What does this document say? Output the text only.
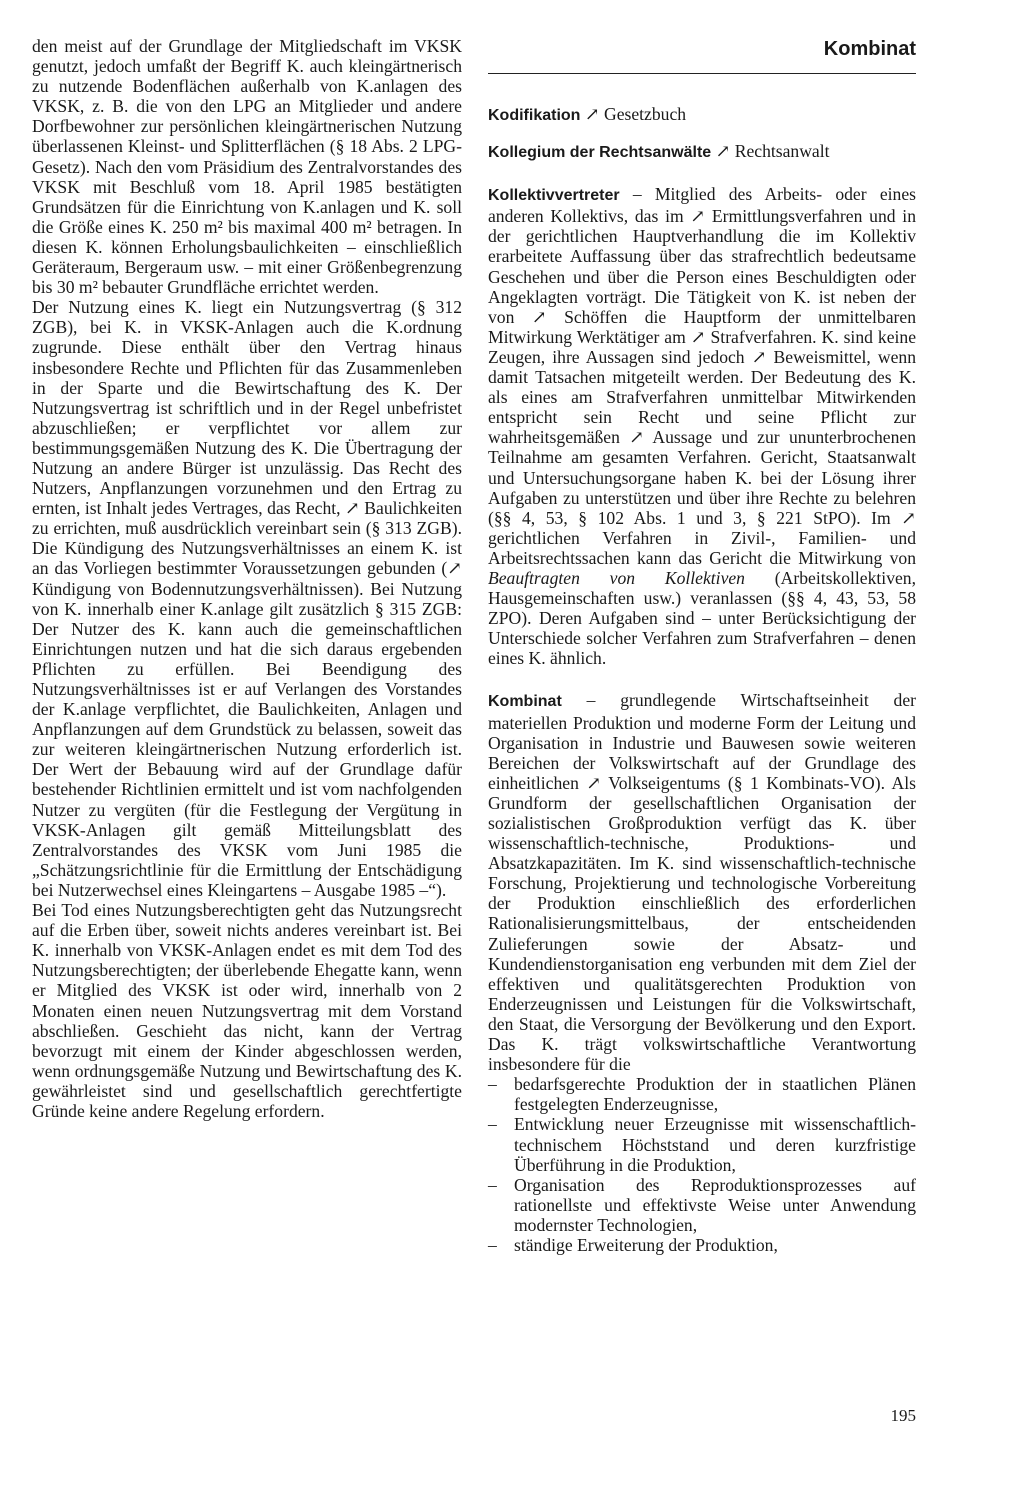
Kombinat

den meist auf der Grundlage der Mitgliedschaft im VKSK genutzt, jedoch umfaßt der Begriff K. auch kleingärtnerisch zu nutzende Bodenflächen außerhalb von K.anlagen des VKSK, z. B. die von den LPG an Mitglieder und andere Dorfbewohner zur persönlichen kleingärtnerischen Nutzung überlassenen Kleinst- und Splitterflächen (§ 18 Abs. 2 LPG-Gesetz). Nach den vom Präsidium des Zentralvorstandes des VKSK mit Beschluß vom 18. April 1985 bestätigten Grundsätzen für die Einrichtung von K.anlagen und K. soll die Größe eines K. 250 m² bis maximal 400 m² betragen. In diesen K. können Erholungsbaulichkeiten – einschließlich Geräteraum, Bergeraum usw. – mit einer Größenbegrenzung bis 30 m² bebauter Grundfläche errichtet werden.

Der Nutzung eines K. liegt ein Nutzungsvertrag (§ 312 ZGB), bei K. in VKSK-Anlagen auch die K.ordnung zugrunde. Diese enthält über den Vertrag hinaus insbesondere Rechte und Pflichten für das Zusammenleben in der Sparte und die Bewirtschaftung des K. Der Nutzungsvertrag ist schriftlich und in der Regel unbefristet abzuschließen; er verpflichtet vor allem zur bestimmungsgemäßen Nutzung des K. Die Übertragung der Nutzung an andere Bürger ist unzulässig. Das Recht des Nutzers, Anpflanzungen vorzunehmen und den Ertrag zu ernten, ist Inhalt jedes Vertrages, das Recht, ↗ Baulichkeiten zu errichten, muß ausdrücklich vereinbart sein (§ 313 ZGB). Die Kündigung des Nutzungsverhältnisses an einem K. ist an das Vorliegen bestimmter Voraussetzungen gebunden (↗ Kündigung von Bodennutzungsverhältnissen). Bei Nutzung von K. innerhalb einer K.anlage gilt zusätzlich § 315 ZGB: Der Nutzer des K. kann auch die gemeinschaftlichen Einrichtungen nutzen und hat die sich daraus ergebenden Pflichten zu erfüllen. Bei Beendigung des Nutzungsverhältnisses ist er auf Verlangen des Vorstandes der K.anlage verpflichtet, die Baulichkeiten, Anlagen und Anpflanzungen auf dem Grundstück zu belassen, soweit das zur weiteren kleingärtnerischen Nutzung erforderlich ist. Der Wert der Bebauung wird auf der Grundlage dafür bestehender Richtlinien ermittelt und ist vom nachfolgenden Nutzer zu vergüten (für die Festlegung der Vergütung in VKSK-Anlagen gilt gemäß Mitteilungsblatt des Zentralvorstandes des VKSK vom Juni 1985 die „Schätzungsrichtlinie für die Ermittlung der Entschädigung bei Nutzerwechsel eines Kleingartens – Ausgabe 1985 –“).

Bei Tod eines Nutzungsberechtigten geht das Nutzungsrecht auf die Erben über, soweit nichts anderes vereinbart ist. Bei K. innerhalb von VKSK-Anlagen endet es mit dem Tod des Nutzungsberechtigten; der überlebende Ehegatte kann, wenn er Mitglied des VKSK ist oder wird, innerhalb von 2 Monaten einen neuen Nutzungsvertrag mit dem Vorstand abschließen. Geschieht das nicht, kann der Vertrag bevorzugt mit einem der Kinder abgeschlossen werden, wenn ordnungsgemäße Nutzung und Bewirtschaftung des K. gewährleistet sind und gesellschaftlich gerechtfertigte Gründe keine andere Regelung erfordern.

Kodifikation ↗ Gesetzbuch

Kollegium der Rechtsanwälte ↗ Rechtsanwalt

Kollektivvertreter – Mitglied des Arbeits- oder eines anderen Kollektivs, das im ↗ Ermittlungsverfahren und in der gerichtlichen Hauptverhandlung die im Kollektiv erarbeitete Auffassung über das strafrechtlich bedeutsame Geschehen und über die Person eines Beschuldigten oder Angeklagten vorträgt. Die Tätigkeit von K. ist neben der von ↗ Schöffen die Hauptform der unmittelbaren Mitwirkung Werktätiger am ↗ Strafverfahren. K. sind keine Zeugen, ihre Aussagen sind jedoch ↗ Beweismittel, wenn damit Tatsachen mitgeteilt werden. Der Bedeutung des K. als eines am Strafverfahren unmittelbar Mitwirkenden entspricht sein Recht und seine Pflicht zur wahrheitsgemäßen ↗ Aussage und zur ununterbrochenen Teilnahme am gesamten Verfahren. Gericht, Staatsanwalt und Untersuchungsorgane haben K. bei der Lösung ihrer Aufgaben zu unterstützen und über ihre Rechte zu belehren (§§ 4, 53, § 102 Abs. 1 und 3, § 221 StPO). Im ↗ gerichtlichen Verfahren in Zivil-, Familien- und Arbeitsrechtssachen kann das Gericht die Mitwirkung von Beauftragten von Kollektiven (Arbeitskollektiven, Hausgemeinschaften usw.) veranlassen (§§ 4, 43, 53, 58 ZPO). Deren Aufgaben sind – unter Berücksichtigung der Unterschiede solcher Verfahren zum Strafverfahren – denen eines K. ähnlich.

Kombinat – grundlegende Wirtschaftseinheit der materiellen Produktion und moderne Form der Leitung und Organisation in Industrie und Bauwesen sowie weiteren Bereichen der Volkswirtschaft auf der Grundlage des einheitlichen ↗ Volkseigentums (§ 1 Kombinats-VO). Als Grundform der gesellschaftlichen Organisation der sozialistischen Großproduktion verfügt das K. über wissenschaftlich-technische, Produktions- und Absatzkapazitäten. Im K. sind wissenschaftlich-technische Forschung, Projektierung und technologische Vorbereitung der Produktion einschließlich des erforderlichen Rationalisierungsmittelbaus, der entscheidenden Zulieferungen sowie der Absatz- und Kundendienstorganisation eng verbunden mit dem Ziel der effektiven und qualitätsgerechten Produktion von Enderzeugnissen und Leistungen für die Volkswirtschaft, den Staat, die Versorgung der Bevölkerung und den Export. Das K. trägt volkswirtschaftliche Verantwortung insbesondere für die

– bedarfsgerechte Produktion der in staatlichen Plänen festgelegten Enderzeugnisse,
– Entwicklung neuer Erzeugnisse mit wissenschaftlich-technischem Höchststand und deren kurzfristige Überführung in die Produktion,
– Organisation des Reproduktionsprozesses auf rationellste und effektivste Weise unter Anwendung modernster Technologien,
– ständige Erweiterung der Produktion,
195
